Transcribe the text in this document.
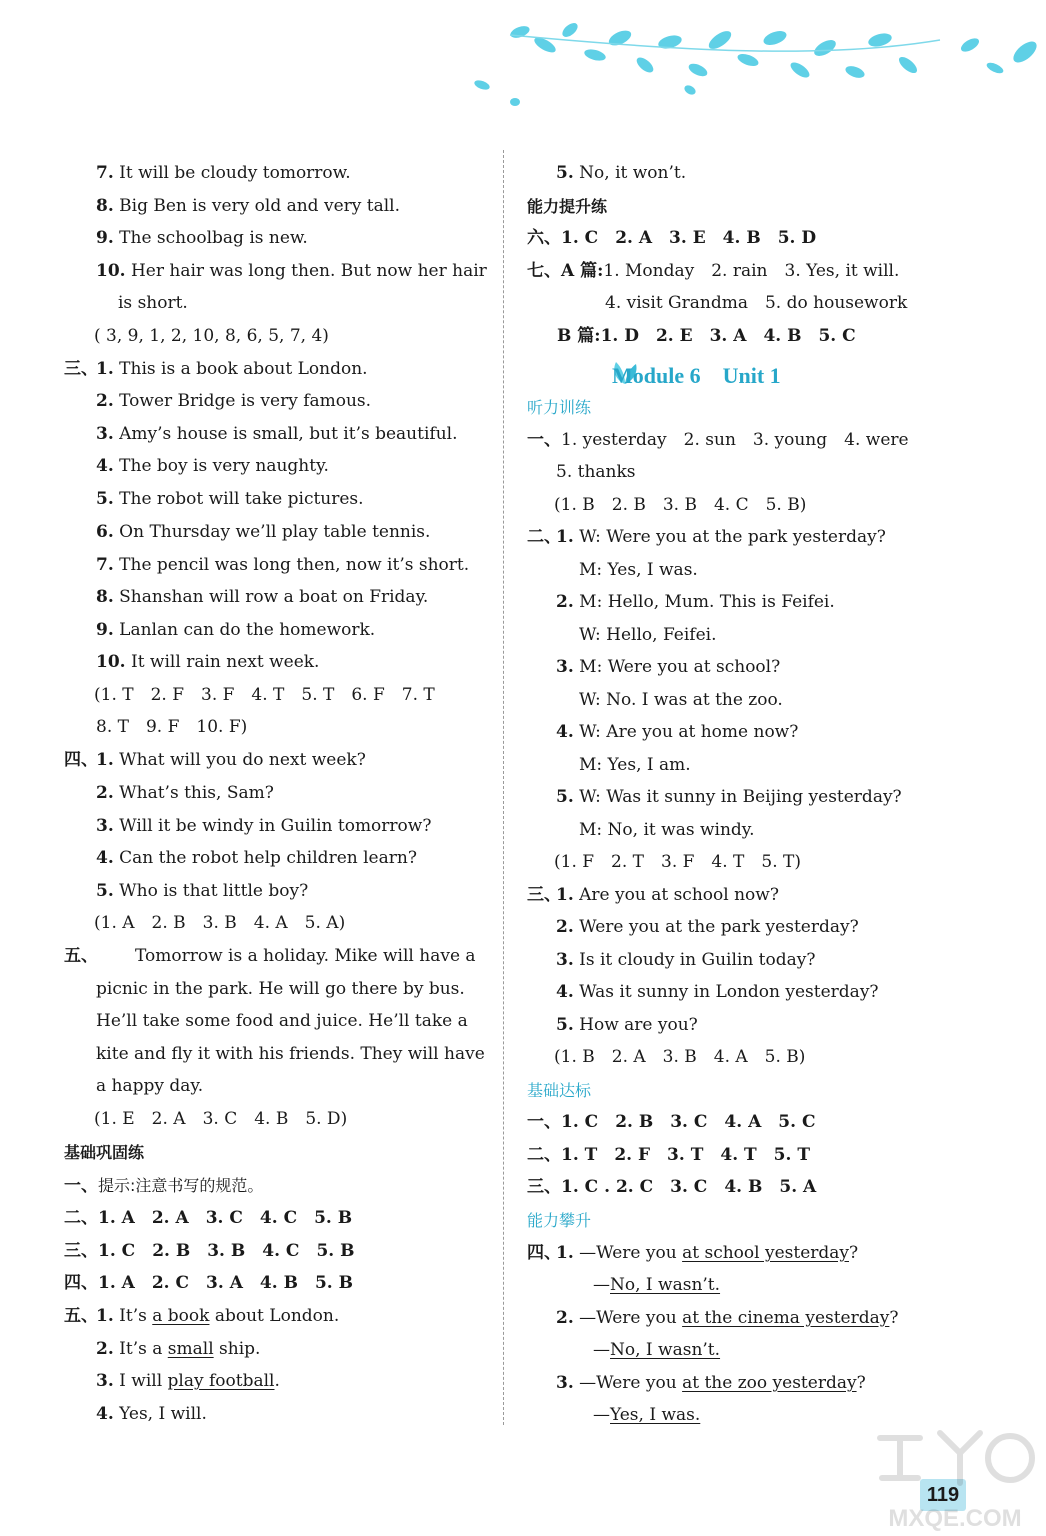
7. It will be cloudy tomorrow.
8. Big Ben is very old and very tall.
9. The schoolbag is new.
10. Her hair was long then. But now her hair
is short.
( 3, 9, 1, 2, 10, 8, 6, 5, 7, 4)
三、
1. This is a book about London.
2. Tower Bridge is very famous.
3. Amy’s house is small, but it’s beautiful.
4. The boy is very naughty.
5. The robot will take pictures.
6. On Thursday we’ll play table tennis.
7. The pencil was long then, now it’s short.
8. Shanshan will row a boat on Friday.
9. Lanlan can do the homework.
10. It will rain next week.
(1. T　2. F　3. F　4. T　5. T　6. F　7. T
8. T　9. F　10. F)
四、
1. What will you do next week?
2. What’s this, Sam?
3. Will it be windy in Guilin tomorrow?
4. Can the robot help children learn?
5. Who is that little boy?
(1. A　2. B　3. B　4. A　5. A)
五、 Tomorrow is a holiday. Mike will have a
picnic in the park. He will go there by bus.
He’ll take some food and juice. He’ll take a
kite and fly it with his friends. They will have
a happy day.
(1. E　2. A　3. C　4. B　5. D)
基础巩固练
一、提示:注意书写的规范。
二、1. A　2. A　3. C　4. C　5. B
三、1. C　2. B　3. B　4. C　5. B
四、1. A　2. C　3. A　4. B　5. B
五、
1. It’s a book about London.
2. It’s a small ship.
3. I will play football.
4. Yes, I will.
5. No, it won’t.
能力提升练
六、1. C　2. A　3. E　4. B　5. D
七、A 篇:1. Monday　2. rain　3. Yes, it will.
4. visit Grandma　5. do housework
B 篇:1. D　2. E　3. A　4. B　5. C
听力训练
一、1. yesterday　2. sun　3. young　4. were
5. thanks
(1. B　2. B　3. B　4. C　5. B)
二、
1. W: Were you at the park yesterday?
M: Yes, I was.
2. M: Hello, Mum. This is Feifei.
W: Hello, Feifei.
3. M: Were you at school?
W: No. I was at the zoo.
4. W: Are you at home now?
M: Yes, I am.
5. W: Was it sunny in Beijing yesterday?
M: No, it was windy.
(1. F　2. T　3. F　4. T　5. T)
三、
1. Are you at school now?
2. Were you at the park yesterday?
3. Is it cloudy in Guilin today?
4. Was it sunny in London yesterday?
5. How are you?
(1. B　2. A　3. B　4. A　5. B)
基础达标
一、1. C　2. B　3. C　4. A　5. C
二、1. T　2. F　3. T　4. T　5. T
三、1. C . 2. C　3. C　4. B　5. A
能力攀升
四、
1. —Were you at school yesterday?
—No, I wasn’t.
2. —Were you at the cinema yesterday?
—No, I wasn’t.
3. —Were you at the zoo yesterday?
—Yes, I was.
Module 6　Unit 1
119
MXQE.COM
